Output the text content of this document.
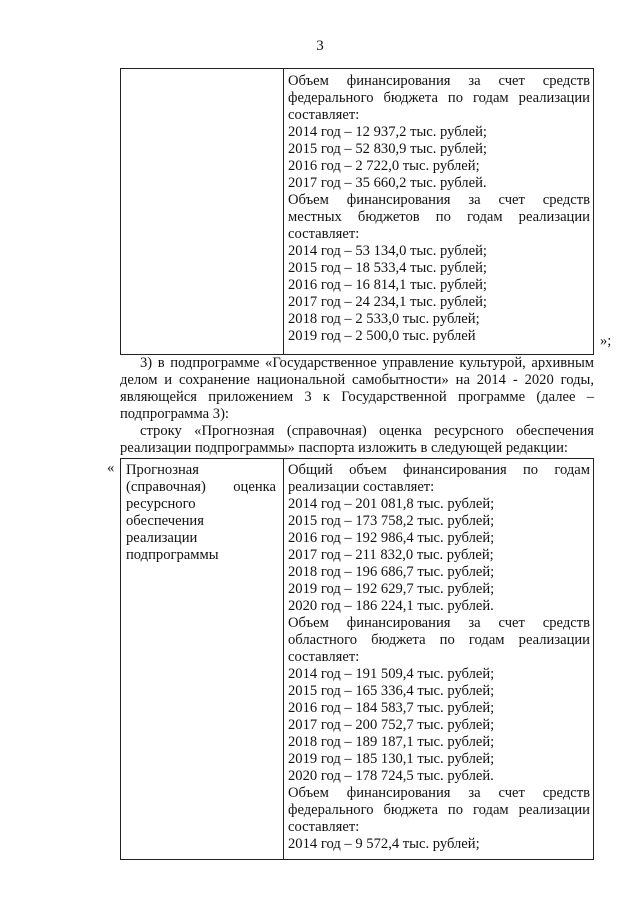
3
Объем финансирования за счет средств
федерального бюджета по годам реализации
составляет:
2014 год – 12 937,2 тыс. рублей;
2015 год – 52 830,9 тыс. рублей;
2016 год – 2 722,0 тыс. рублей;
2017 год – 35 660,2 тыс. рублей.
Объем финансирования за счет средств
местных бюджетов по годам реализации
составляет:
2014 год – 53 134,0 тыс. рублей;
2015 год – 18 533,4 тыс. рублей;
2016 год – 16 814,1 тыс. рублей;
2017 год – 24 234,1 тыс. рублей;
2018 год – 2 533,0 тыс. рублей;
2019 год – 2 500,0 тыс. рублей	»;
3) в подпрограмме «Государственное управление культурой, архивным
делом и сохранение национальной самобытности» на 2014 - 2020 годы,
являющейся приложением 3 к Государственной программе (далее –
подпрограмма 3):
строку «Прогнозная (справочная) оценка ресурсного обеспечения
реализации подпрограммы» паспорта изложить в следующей редакции:
« Прогнозная
(справочная) оценка
ресурсного
обеспечения
реализации
подпрограммы
Общий объем финансирования по годам
реализации составляет:
2014 год – 201 081,8 тыс. рублей;
2015 год – 173 758,2 тыс. рублей;
2016 год – 192 986,4 тыс. рублей;
2017 год – 211 832,0 тыс. рублей;
2018 год – 196 686,7 тыс. рублей;
2019 год – 192 629,7 тыс. рублей;
2020 год – 186 224,1 тыс. рублей.
Объем финансирования за счет средств
областного бюджета по годам реализации
составляет:
2014 год – 191 509,4 тыс. рублей;
2015 год – 165 336,4 тыс. рублей;
2016 год – 184 583,7 тыс. рублей;
2017 год – 200 752,7 тыс. рублей;
2018 год – 189 187,1 тыс. рублей;
2019 год – 185 130,1 тыс. рублей;
2020 год – 178 724,5 тыс. рублей.
Объем финансирования за счет средств
федерального бюджета по годам реализации
составляет:
2014 год – 9 572,4 тыс. рублей;
